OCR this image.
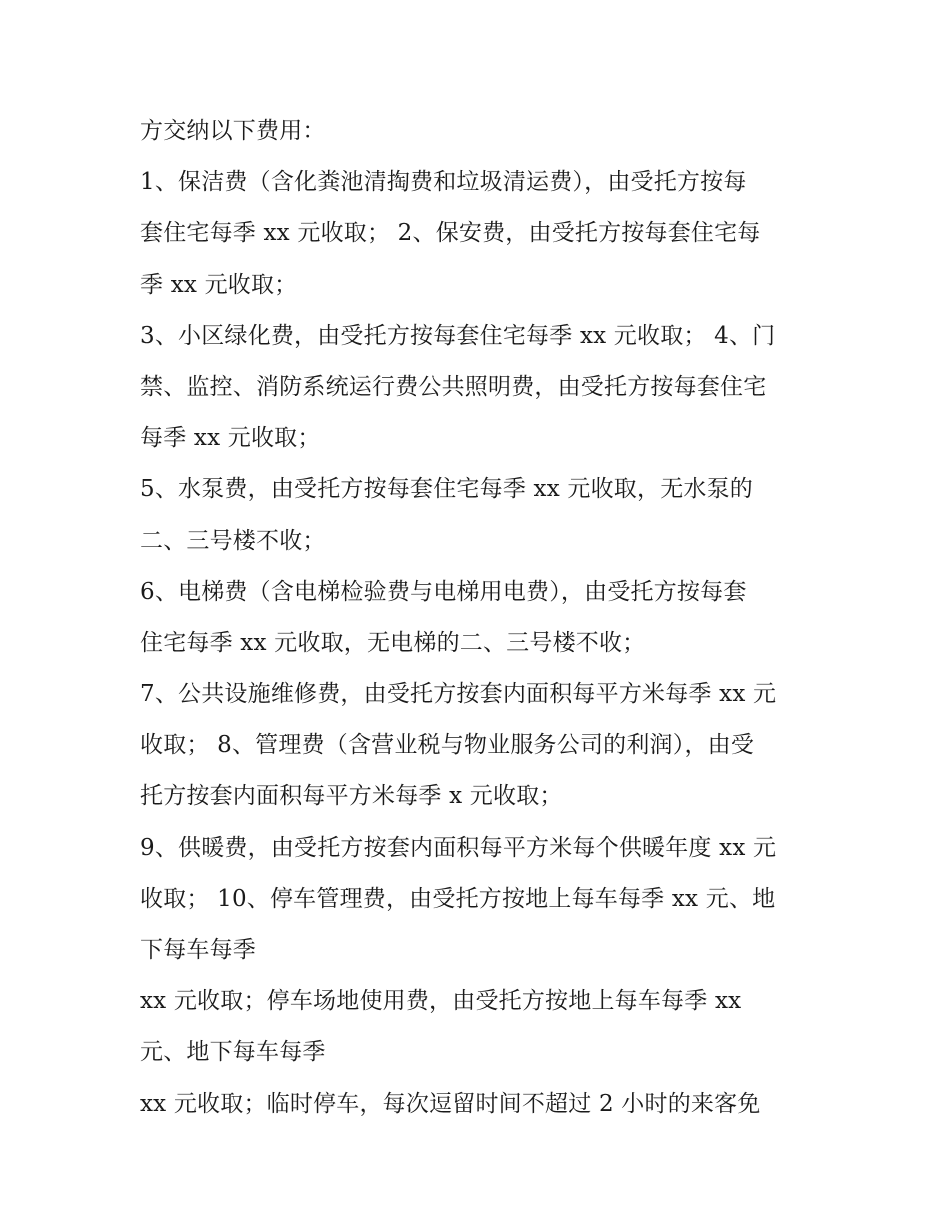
方交纳以下费用：
1、保洁费（含化粪池清掏费和垃圾清运费），由受托方按每
套住宅每季 xx 元收取； 2、保安费，由受托方按每套住宅每
季 xx 元收取；
3、小区绿化费，由受托方按每套住宅每季 xx 元收取； 4、门
禁、监控、消防系统运行费公共照明费，由受托方按每套住宅
每季 xx 元收取；
5、水泵费，由受托方按每套住宅每季 xx 元收取，无水泵的
二、三号楼不收；
6、电梯费（含电梯检验费与电梯用电费），由受托方按每套
住宅每季 xx 元收取，无电梯的二、三号楼不收；
7、公共设施维修费，由受托方按套内面积每平方米每季 xx 元
收取； 8、管理费（含营业税与物业服务公司的利润），由受
托方按套内面积每平方米每季 x 元收取；
9、供暖费，由受托方按套内面积每平方米每个供暖年度 xx 元
收取； 10、停车管理费，由受托方按地上每车每季 xx 元、地
下每车每季
xx 元收取；停车场地使用费，由受托方按地上每车每季 xx
元、地下每车每季
xx 元收取；临时停车，每次逗留时间不超过 2 小时的来客免
